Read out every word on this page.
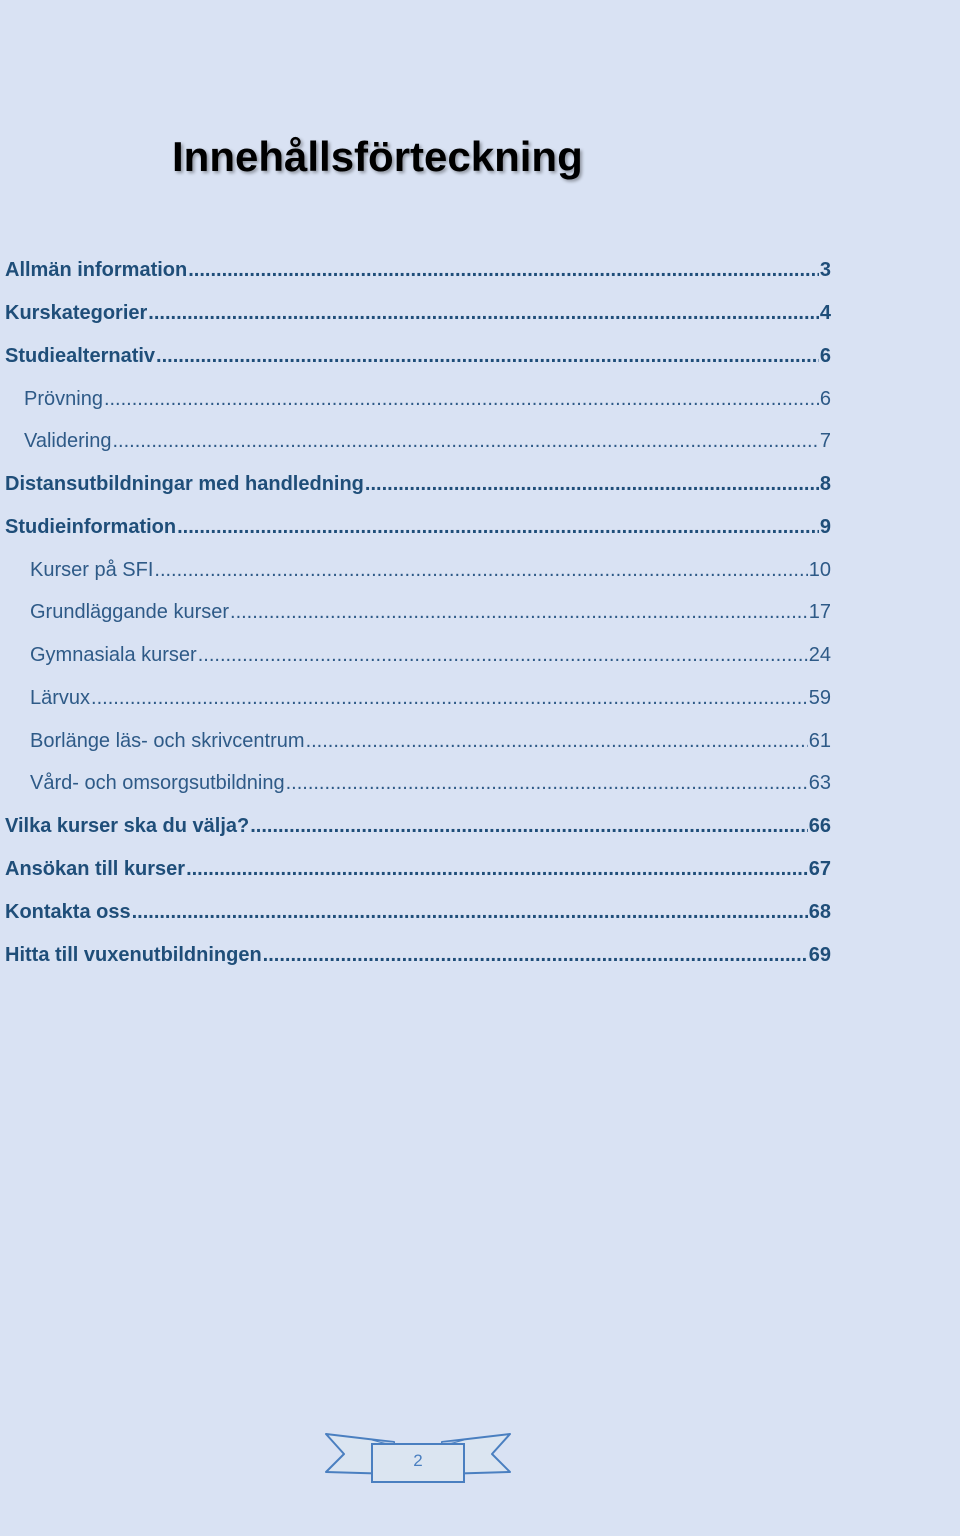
Innehållsförteckning
Allmän information .....	3
Kurskategorier .....	4
Studiealternativ .....	6
Prövning .....	6
Validering .....	7
Distansutbildningar med handledning .....	8
Studieinformation .....	9
Kurser på SFI .....	10
Grundläggande kurser .....	17
Gymnasiala kurser .....	24
Lärvux .....	59
Borlänge läs- och skrivcentrum .....	61
Vård- och omsorgsutbildning .....	63
Vilka kurser ska du välja? .....	66
Ansökan till kurser .....	67
Kontakta oss .....	68
Hitta till vuxenutbildningen .....	69
2
